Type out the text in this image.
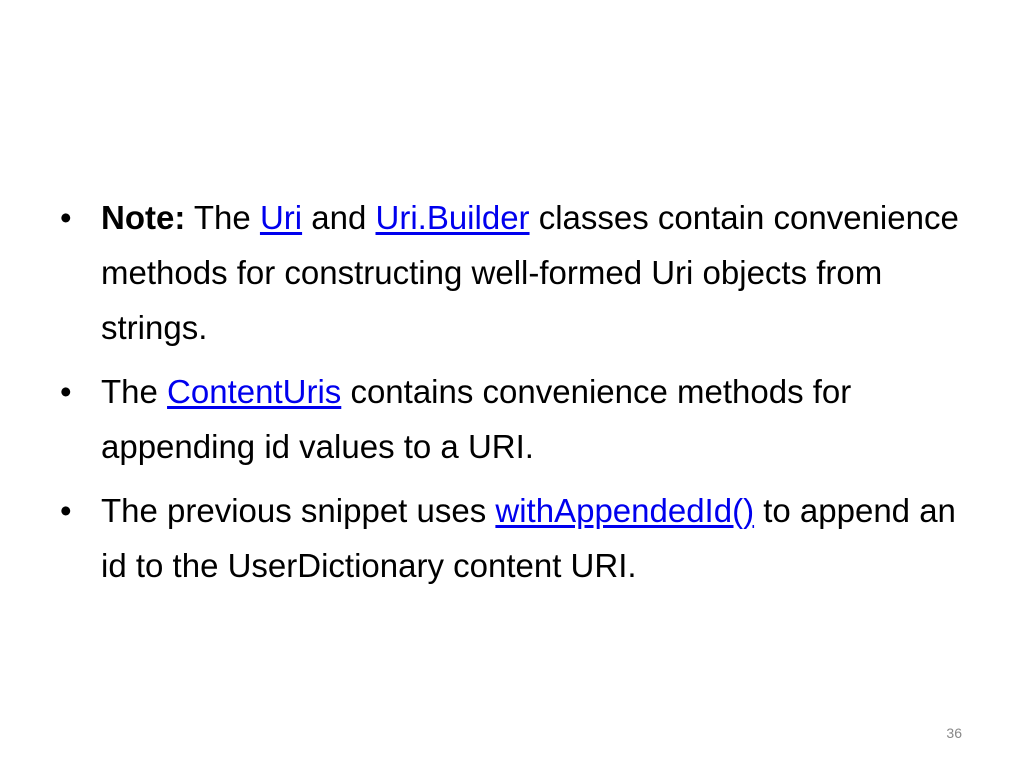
• Note: The Uri and Uri.Builder classes contain convenience methods for constructing well-formed Uri objects from strings.
• The ContentUris contains convenience methods for appending id values to a URI.
• The previous snippet uses withAppendedId() to append an id to the UserDictionary content URI.
36
